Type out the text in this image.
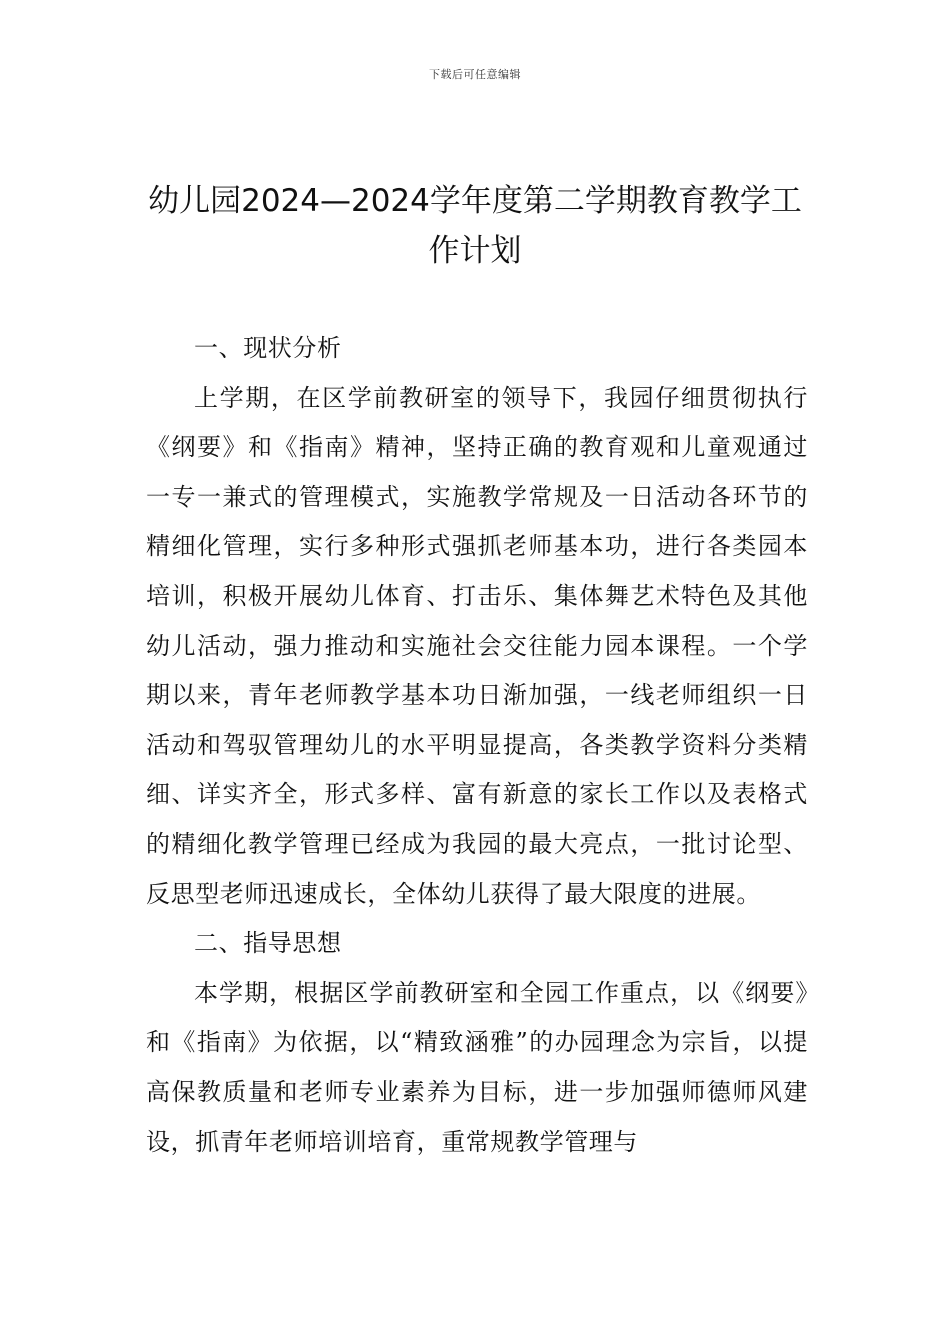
下载后可任意编辑
幼儿园2024—2024学年度第二学期教育教学工作计划

一、现状分析

上学期，在区学前教研室的领导下，我园仔细贯彻执行《纲要》和《指南》精神，坚持正确的教育观和儿童观通过一专一兼式的管理模式，实施教学常规及一日活动各环节的精细化管理，实行多种形式强抓老师基本功，进行各类园本培训，积极开展幼儿体育、打击乐、集体舞艺术特色及其他幼儿活动，强力推动和实施社会交往能力园本课程。一个学期以来，青年老师教学基本功日渐加强，一线老师组织一日活动和驾驭管理幼儿的水平明显提高，各类教学资料分类精细、详实齐全，形式多样、富有新意的家长工作以及表格式的精细化教学管理已经成为我园的最大亮点，一批讨论型、反思型老师迅速成长，全体幼儿获得了最大限度的进展。

二、指导思想

本学期，根据区学前教研室和全园工作重点，以《纲要》和《指南》为依据，以“精致涵雅”的办园理念为宗旨，以提高保教质量和老师专业素养为目标，进一步加强师德师风建设，抓青年老师培训培育，重常规教学管理与
